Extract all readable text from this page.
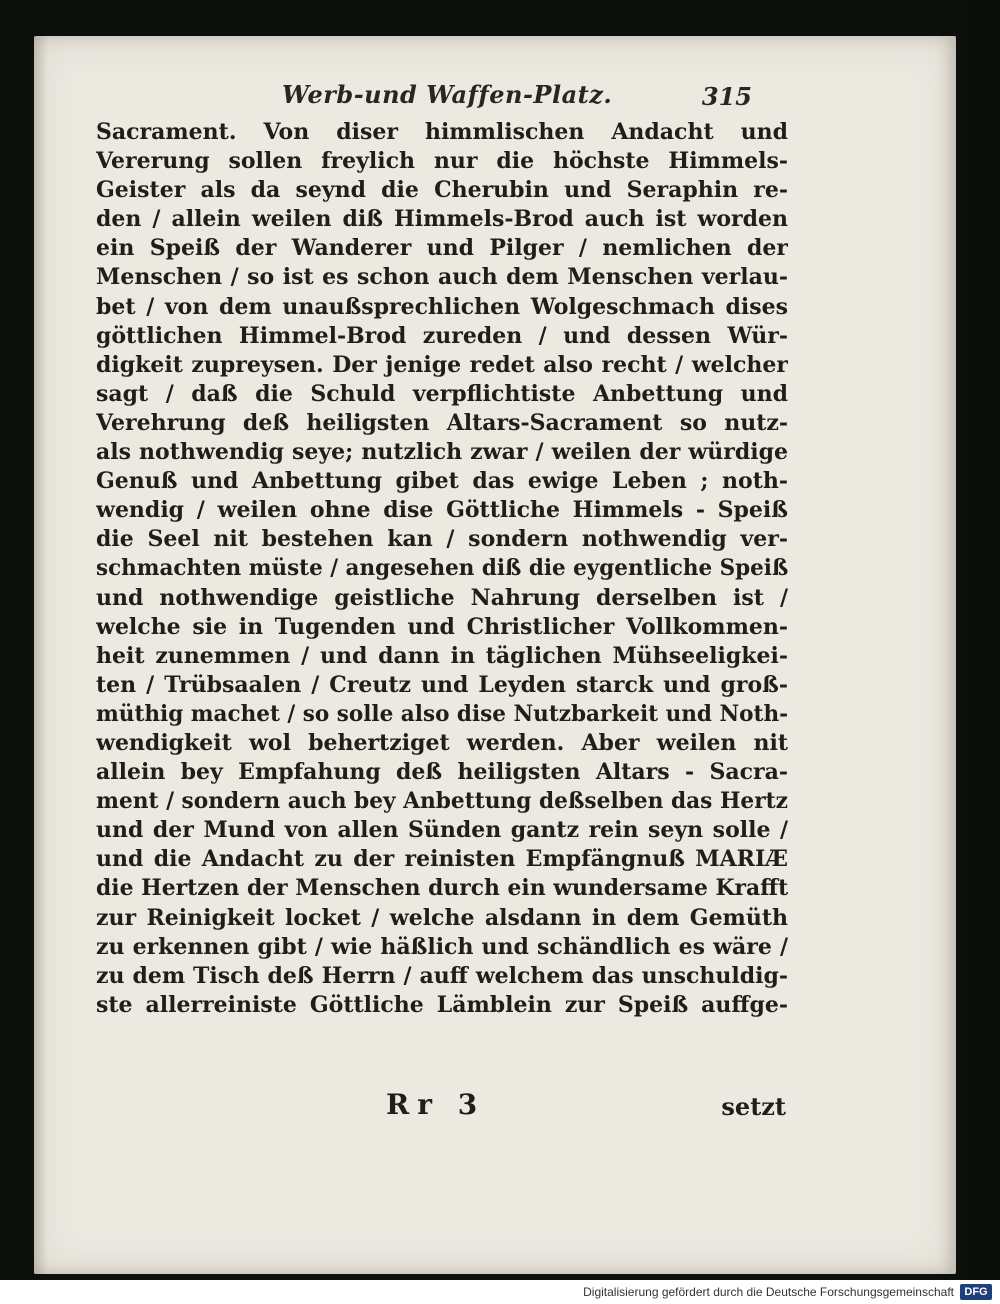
Werb-und Waffen-Platz.	315
Sacrament. Von diser himmlischen Andacht und
Vererung sollen freylich nur die höchste Himmels-
Geister als da seynd die Cherubin und Seraphin re-
den / allein weilen diß Himmels-Brod auch ist worden
ein Speiß der Wanderer und Pilger / nemlichen der
Menschen / so ist es schon auch dem Menschen verlau-
bet / von dem unaußsprechlichen Wolgeschmach dises
göttlichen Himmel-Brod zureden / und dessen Wür-
digkeit zupreysen. Der jenige redet also recht / welcher
sagt / daß die Schuld verpflichtiste Anbettung und
Verehrung deß heiligsten Altars-Sacrament so nutz-
als nothwendig seye; nutzlich zwar / weilen der würdige
Genuß und Anbettung gibet das ewige Leben ; noth-
wendig / weilen ohne dise Göttliche Himmels - Speiß
die Seel nit bestehen kan / sondern nothwendig ver-
schmachten müste / angesehen diß die eygentliche Speiß
und nothwendige geistliche Nahrung derselben ist /
welche sie in Tugenden und Christlicher Vollkommen-
heit zunemmen / und dann in täglichen Mühseeligkei-
ten / Trübsaalen / Creutz und Leyden starck und groß-
müthig machet / so solle also dise Nutzbarkeit und Noth-
wendigkeit wol behertziget werden. Aber weilen nit
allein bey Empfahung deß heiligsten Altars - Sacra-
ment / sondern auch bey Anbettung deßselben das Hertz
und der Mund von allen Sünden gantz rein seyn solle /
und die Andacht zu der reinisten Empfängnuß MARIÆ
die Hertzen der Menschen durch ein wundersame Krafft
zur Reinigkeit locket / welche alsdann in dem Gemüth
zu erkennen gibt / wie häßlich und schändlich es wäre /
zu dem Tisch deß Herrn / auff welchem das unschuldig-
ste allerreiniste Göttliche Lämblein zur Speiß auffge-
Rr 3	setzt
Digitalisierung gefördert durch die Deutsche Forschungsgemeinschaft DFG
